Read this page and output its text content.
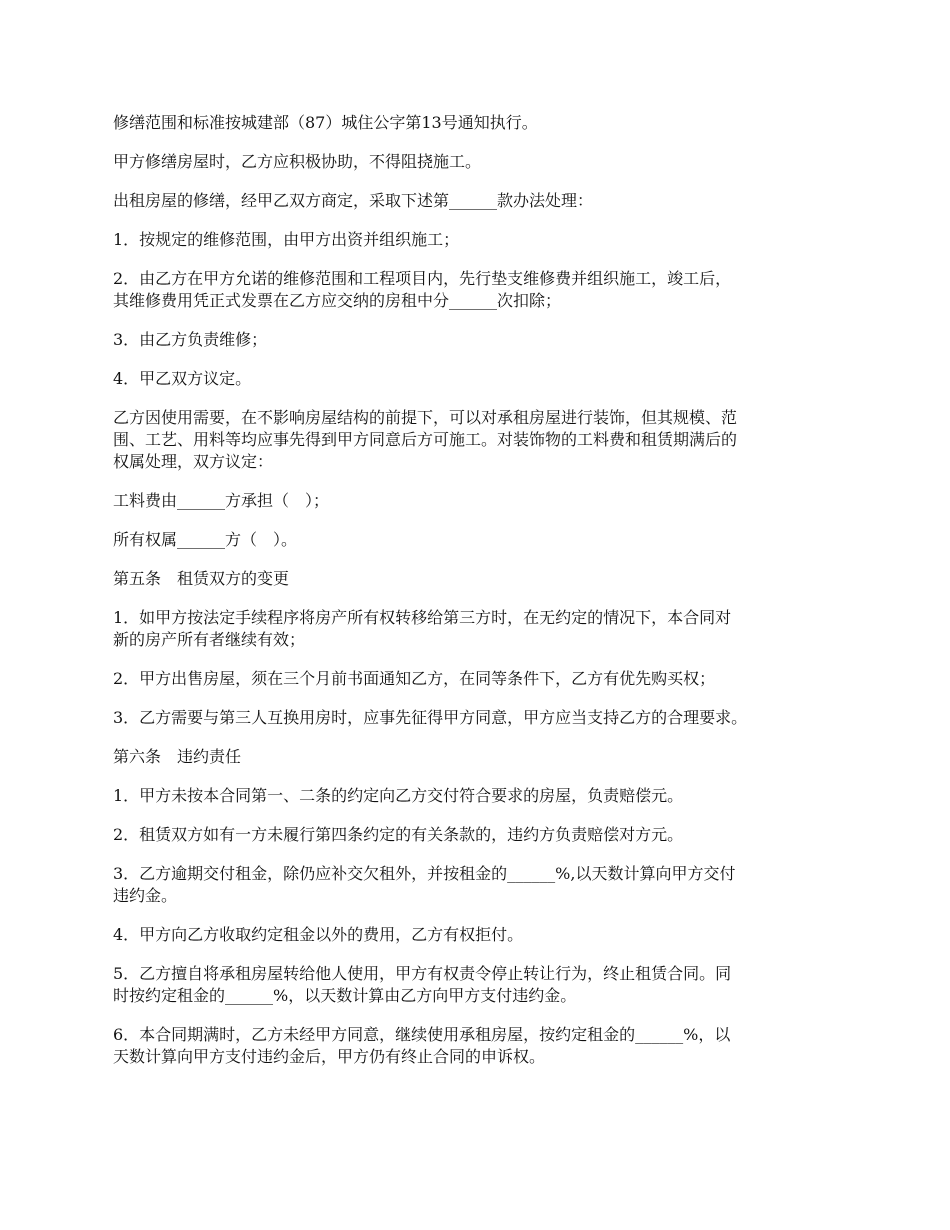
修缮范围和标准按城建部（87）城住公字第13号通知执行。

甲方修缮房屋时，乙方应积极协助，不得阻挠施工。

出租房屋的修缮，经甲乙双方商定，采取下述第______款办法处理：

1．按规定的维修范围，由甲方出资并组织施工；

2．由乙方在甲方允诺的维修范围和工程项目内，先行垫支维修费并组织施工，竣工后，
其维修费用凭正式发票在乙方应交纳的房租中分______次扣除；

3．由乙方负责维修；

4．甲乙双方议定。

乙方因使用需要，在不影响房屋结构的前提下，可以对承租房屋进行装饰，但其规模、范
围、工艺、用料等均应事先得到甲方同意后方可施工。对装饰物的工料费和租赁期满后的
权属处理，双方议定：

工料费由______方承担（　）；

所有权属______方（　）。

第五条　租赁双方的变更

1．如甲方按法定手续程序将房产所有权转移给第三方时，在无约定的情况下，本合同对
新的房产所有者继续有效；

2．甲方出售房屋，须在三个月前书面通知乙方，在同等条件下，乙方有优先购买权；

3．乙方需要与第三人互换用房时，应事先征得甲方同意，甲方应当支持乙方的合理要求。

第六条　违约责任

1．甲方未按本合同第一、二条的约定向乙方交付符合要求的房屋，负责赔偿元。

2．租赁双方如有一方未履行第四条约定的有关条款的，违约方负责赔偿对方元。

3．乙方逾期交付租金，除仍应补交欠租外，并按租金的______%,以天数计算向甲方交付
违约金。

4．甲方向乙方收取约定租金以外的费用，乙方有权拒付。

5．乙方擅自将承租房屋转给他人使用，甲方有权责令停止转让行为，终止租赁合同。同
时按约定租金的______%，以天数计算由乙方向甲方支付违约金。

6．本合同期满时，乙方未经甲方同意，继续使用承租房屋，按约定租金的______%，以
天数计算向甲方支付违约金后，甲方仍有终止合同的申诉权。
